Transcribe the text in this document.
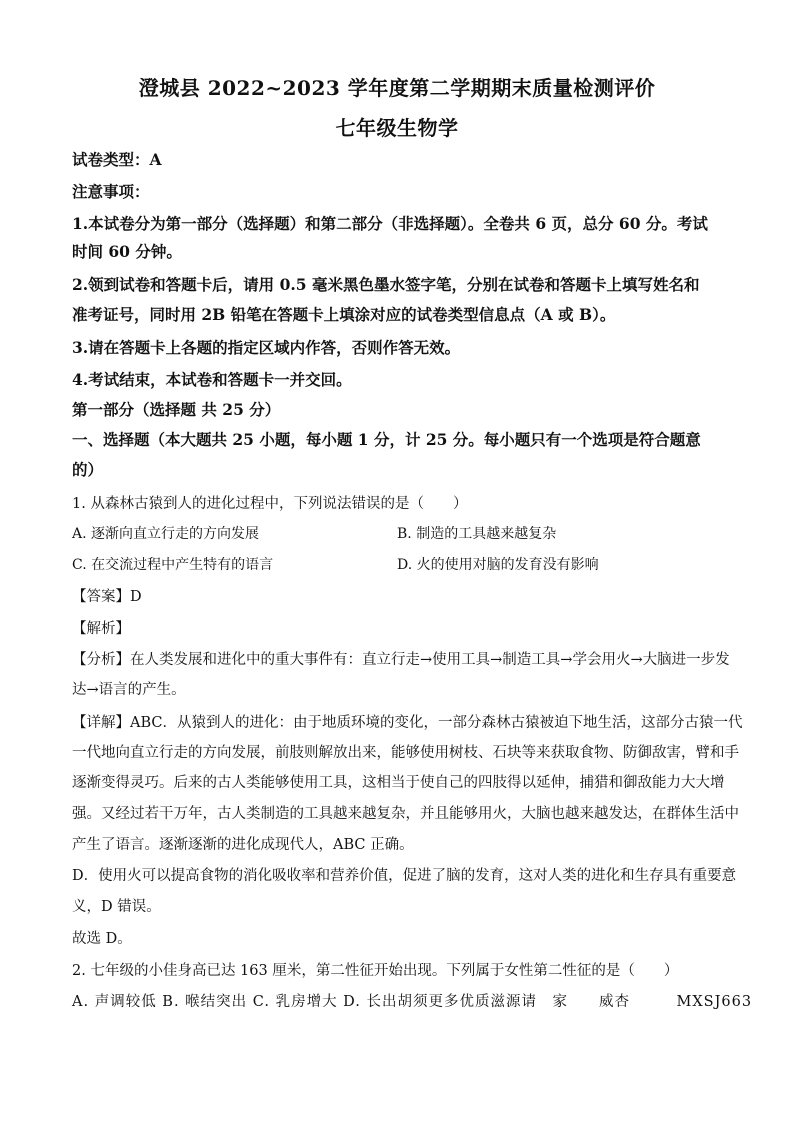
澄城县 2022~2023 学年度第二学期期末质量检测评价
七年级生物学
试卷类型：A
注意事项：
1.本试卷分为第一部分（选择题）和第二部分（非选择题）。全卷共 6 页，总分 60 分。考试
时间 60 分钟。
2.领到试卷和答题卡后，请用 0.5 毫米黑色墨水签字笔，分别在试卷和答题卡上填写姓名和
准考证号，同时用 2B 铅笔在答题卡上填涂对应的试卷类型信息点（A 或 B）。
3.请在答题卡上各题的指定区域内作答，否则作答无效。
4.考试结束，本试卷和答题卡一并交回。
第一部分（选择题 共 25 分）
一、选择题（本大题共 25 小题，每小题 1 分，计 25 分。每小题只有一个选项是符合题意
的）
1. 从森林古猿到人的进化过程中，下列说法错误的是（　　）
A. 逐渐向直立行走的方向发展	B. 制造的工具越来越复杂
C. 在交流过程中产生特有的语言	D. 火的使用对脑的发育没有影响
【答案】D
【解析】
【分析】在人类发展和进化中的重大事件有：直立行走→使用工具→制造工具→学会用火→大脑进一步发
达→语言的产生。
【详解】ABC．从猿到人的进化：由于地质环境的变化，一部分森林古猿被迫下地生活，这部分古猿一代
一代地向直立行走的方向发展，前肢则解放出来，能够使用树枝、石块等来获取食物、防御敌害，臂和手
逐渐变得灵巧。后来的古人类能够使用工具，这相当于使自己的四肢得以延伸，捕猎和御敌能力大大增
强。又经过若干万年，古人类制造的工具越来越复杂，并且能够用火，大脑也越来越发达，在群体生活中
产生了语言。逐渐逐渐的进化成现代人，ABC 正确。
D．使用火可以提高食物的消化吸收率和营养价值，促进了脑的发育，这对人类的进化和生存具有重要意
义，D 错误。
故选 D。
2. 七年级的小佳身高已达 163 厘米，第二性征开始出现。下列属于女性第二性征的是（　　）
A. 声调较低 B. 喉结突出 C. 乳房增大 D. 长出胡须更多优质滋源请　家　　威杏　　　MXSJ663
